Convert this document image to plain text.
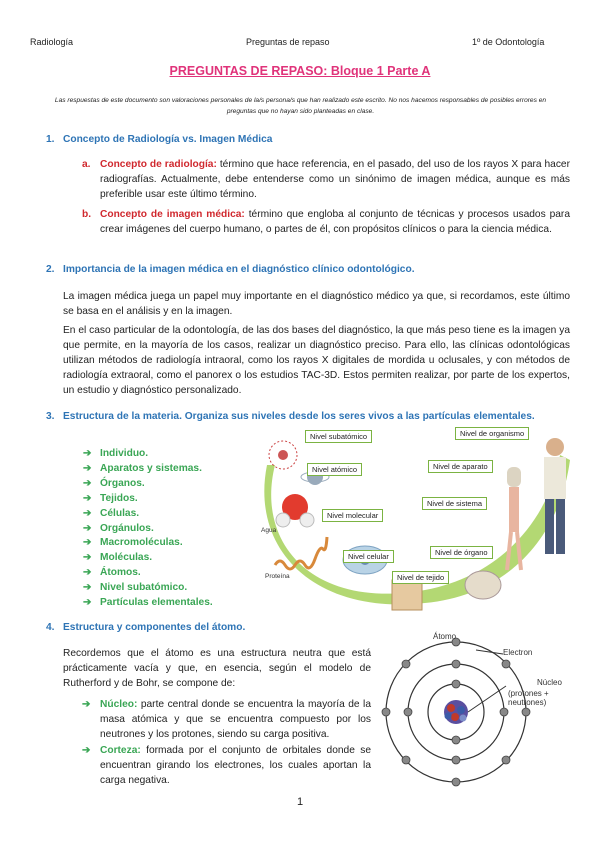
Radiología	Preguntas de repaso	1º de Odontología
PREGUNTAS DE REPASO: Bloque 1 Parte A
Las respuestas de este documento son valoraciones personales de la/s persona/s que han realizado este escrito. No nos hacemos responsables de posibles errores en preguntas que no hayan sido planteadas en clase.
1. Concepto de Radiología vs. Imagen Médica
a. Concepto de radiología: término que hace referencia, en el pasado, del uso de los rayos X para hacer radiografías. Actualmente, debe entenderse como un sinónimo de imagen médica, aunque es más preferible usar este último término.
b. Concepto de imagen médica: término que engloba al conjunto de técnicas y procesos usados para crear imágenes del cuerpo humano, o partes de él, con propósitos clínicos o para la ciencia médica.
2. Importancia de la imagen médica en el diagnóstico clínico odontológico.
La imagen médica juega un papel muy importante en el diagnóstico médico ya que, si recordamos, este último se basa en el análisis y en la imagen.
En el caso particular de la odontología, de las dos bases del diagnóstico, la que más peso tiene es la imagen ya que permite, en la mayoría de los casos, realizar un diagnóstico preciso. Para ello, las clínicas odontológicas utilizan métodos de radiología intraoral, como los rayos X digitales de mordida u oclusales, y con métodos de radiología extraoral, como el panorex o los estudios TAC-3D. Estos permiten realizar, por parte de los expertos, un estudio y diagnóstico personalizado.
3. Estructura de la materia. Organiza sus niveles desde los seres vivos a las partículas elementales.
➔ Individuo.
➔ Aparatos y sistemas.
➔ Órganos.
➔ Tejidos.
➔ Células.
➔ Orgánulos.
➔ Macromoléculas.
➔ Moléculas.
➔ Átomos.
➔ Nivel subatómico.
➔ Partículas elementales.
Nivel subatómico
Nivel atómico
Nivel molecular
Nivel celular
Nivel de tejido
Nivel de órgano
Nivel de sistema
Nivel de aparato
Nivel de organismo
Agua
Proteína
4. Estructura y componentes del átomo.
Recordemos que el átomo es una estructura neutra que está prácticamente vacía y que, en esencia, según el modelo de Rutherford y de Bohr, se compone de:
➔ Núcleo: parte central donde se encuentra la mayoría de la masa atómica y que se encuentra compuesto por los neutrones y los protones, siendo su carga positiva.
➔ Corteza: formada por el conjunto de orbitales donde se encuentran girando los electrones, los cuales aportan la carga negativa.
Átomo
Electron
Núcleo
(protones + neutrones)
1
